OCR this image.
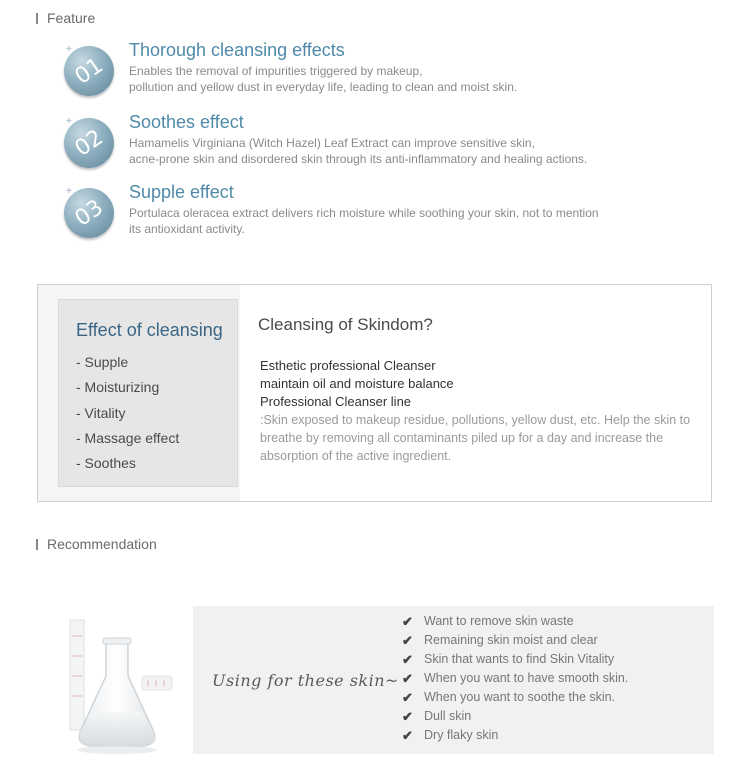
Feature
+
01
Thorough cleansing effects
Enables the removal of impurities triggered by makeup,
pollution and yellow dust in everyday life, leading to clean and moist skin.
+
02
Soothes effect
Hamamelis Virginiana (Witch Hazel) Leaf Extract can improve sensitive skin,
acne-prone skin and disordered skin through its anti-inflammatory and healing actions.
+
03
Supple effect
Portulaca oleracea extract delivers rich moisture while soothing your skin, not to mention
its antioxidant activity.
Effect of cleansing
- Supple
- Moisturizing
- Vitality
- Massage effect
- Soothes
Cleansing of Skindom?
Esthetic professional Cleanser
maintain oil and moisture balance
Professional Cleanser line
:Skin exposed to makeup residue, pollutions, yellow dust, etc. Help the skin to breathe by removing all contaminants piled up for a day and increase the absorption of the active ingredient.
Recommendation
Using for these skin~
✔ Want to remove skin waste
✔ Remaining skin moist and clear
✔ Skin that wants to find Skin Vitality
✔ When you want to have smooth skin.
✔ When you want to soothe the skin.
✔ Dull skin
✔ Dry flaky skin
